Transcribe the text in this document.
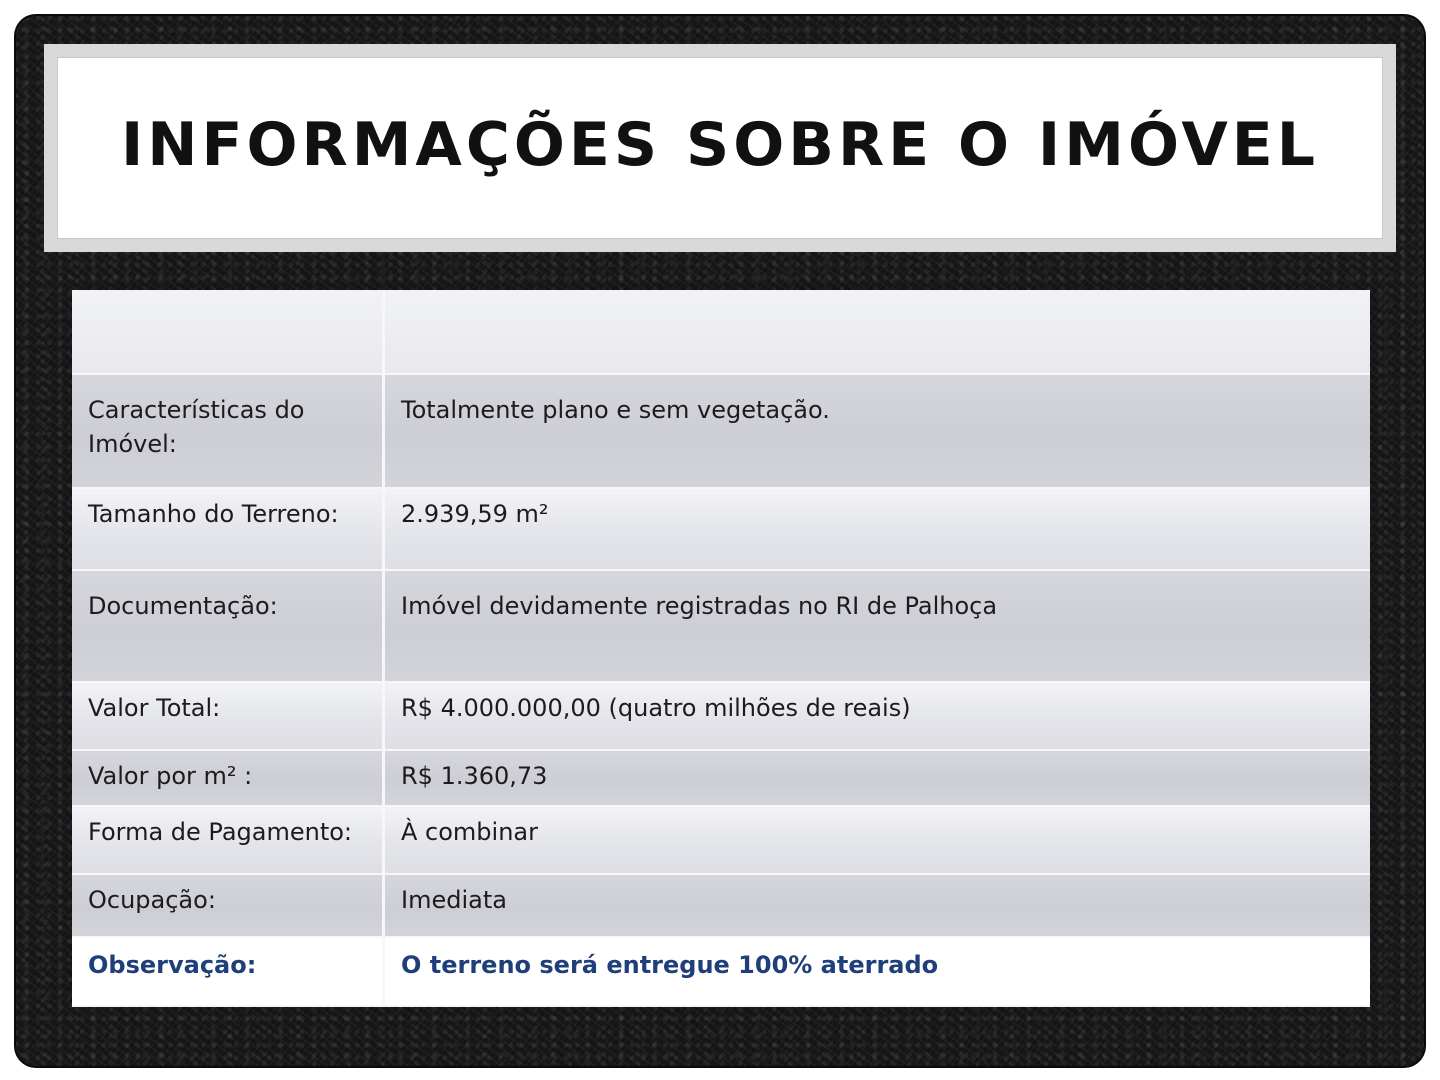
INFORMAÇÕES SOBRE O IMÓVEL

Características do Imóvel:	Totalmente plano e sem vegetação.
Tamanho do Terreno:	2.939,59 m²
Documentação:	Imóvel devidamente registradas no RI de Palhoça
Valor Total:	R$ 4.000.000,00 (quatro milhões de reais)
Valor por m² :	R$ 1.360,73
Forma de Pagamento:	À combinar
Ocupação:	Imediata
Observação:	O terreno será entregue 100% aterrado
